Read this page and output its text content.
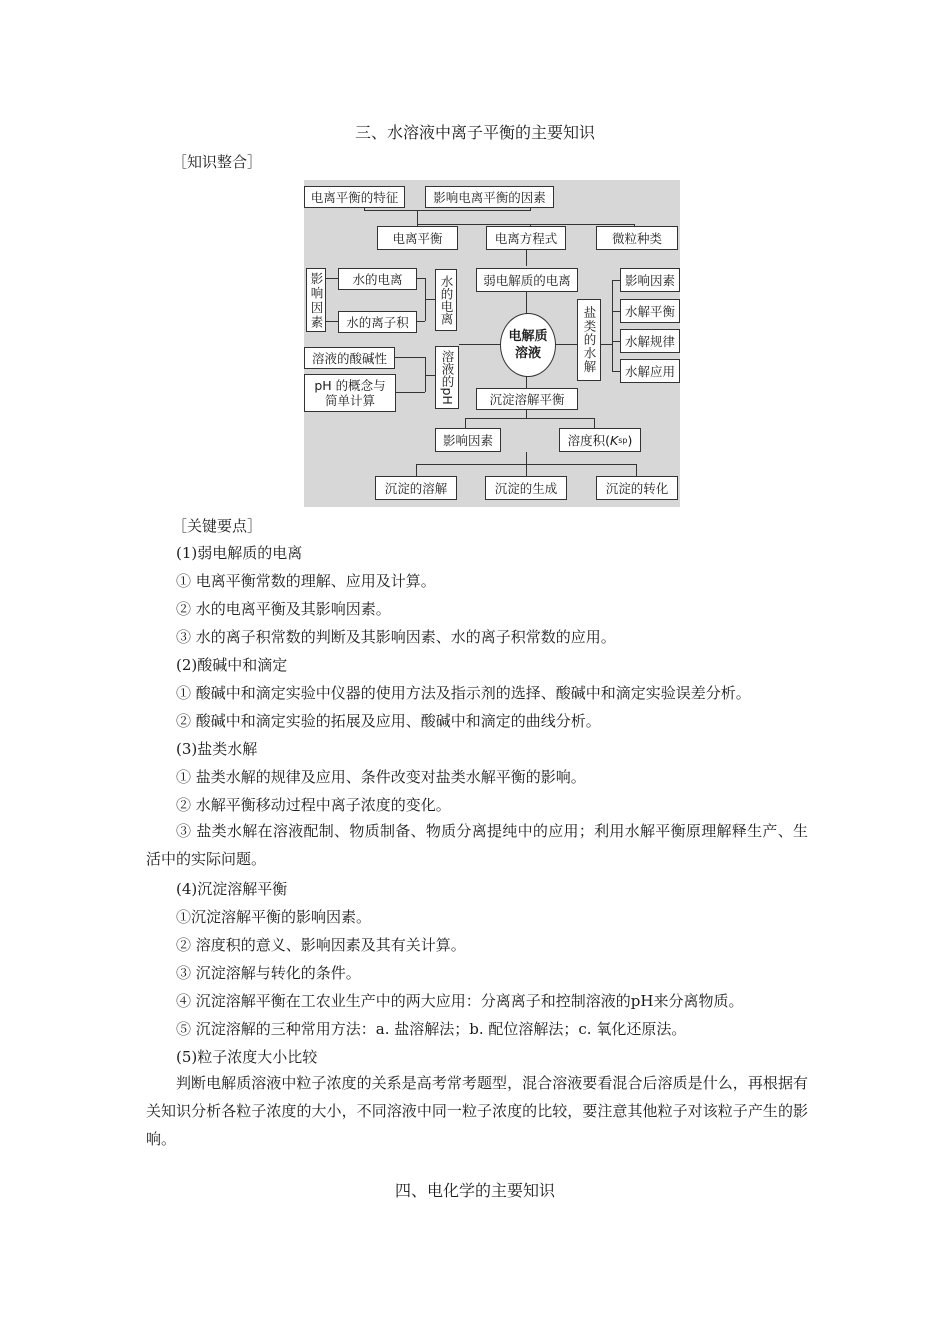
三、水溶液中离子平衡的主要知识
［知识整合］
电离平衡的特征	影响电离平衡的因素
电离平衡	电离方程式	微粒种类
弱电解质的电离
影响因素	水的电离
水的离子积	水的电离
电解质
溶液
溶液的酸碱性
pH 的概念与简单计算	溶液的pH
盐类的水解
影响因素
水解平衡
水解规律
水解应用
沉淀溶解平衡
影响因素	溶度积( K sp )
沉淀的溶解	沉淀的生成	沉淀的转化
［关键要点］
(1)弱电解质的电离
① 电离平衡常数的理解、应用及计算。
② 水的电离平衡及其影响因素。
③ 水的离子积常数的判断及其影响因素、水的离子积常数的应用。
(2)酸碱中和滴定
① 酸碱中和滴定实验中仪器的使用方法及指示剂的选择、酸碱中和滴定实验误差分析。
② 酸碱中和滴定实验的拓展及应用、酸碱中和滴定的曲线分析。
(3)盐类水解
① 盐类水解的规律及应用、条件改变对盐类水解平衡的影响。
② 水解平衡移动过程中离子浓度的变化。
③ 盐类水解在溶液配制、物质制备、物质分离提纯中的应用；利用水解平衡原理解释生产、生活中的实际问题。
(4)沉淀溶解平衡
①沉淀溶解平衡的影响因素。
② 溶度积的意义、影响因素及其有关计算。
③ 沉淀溶解与转化的条件。
④ 沉淀溶解平衡在工农业生产中的两大应用：分离离子和控制溶液的pH来分离物质。
⑤ 沉淀溶解的三种常用方法：a. 盐溶解法；b. 配位溶解法；c. 氧化还原法。
(5)粒子浓度大小比较
判断电解质溶液中粒子浓度的关系是高考常考题型，混合溶液要看混合后溶质是什么，再根据有关知识分析各粒子浓度的大小，不同溶液中同一粒子浓度的比较，要注意其他粒子对该粒子产生的影响。
四、电化学的主要知识
